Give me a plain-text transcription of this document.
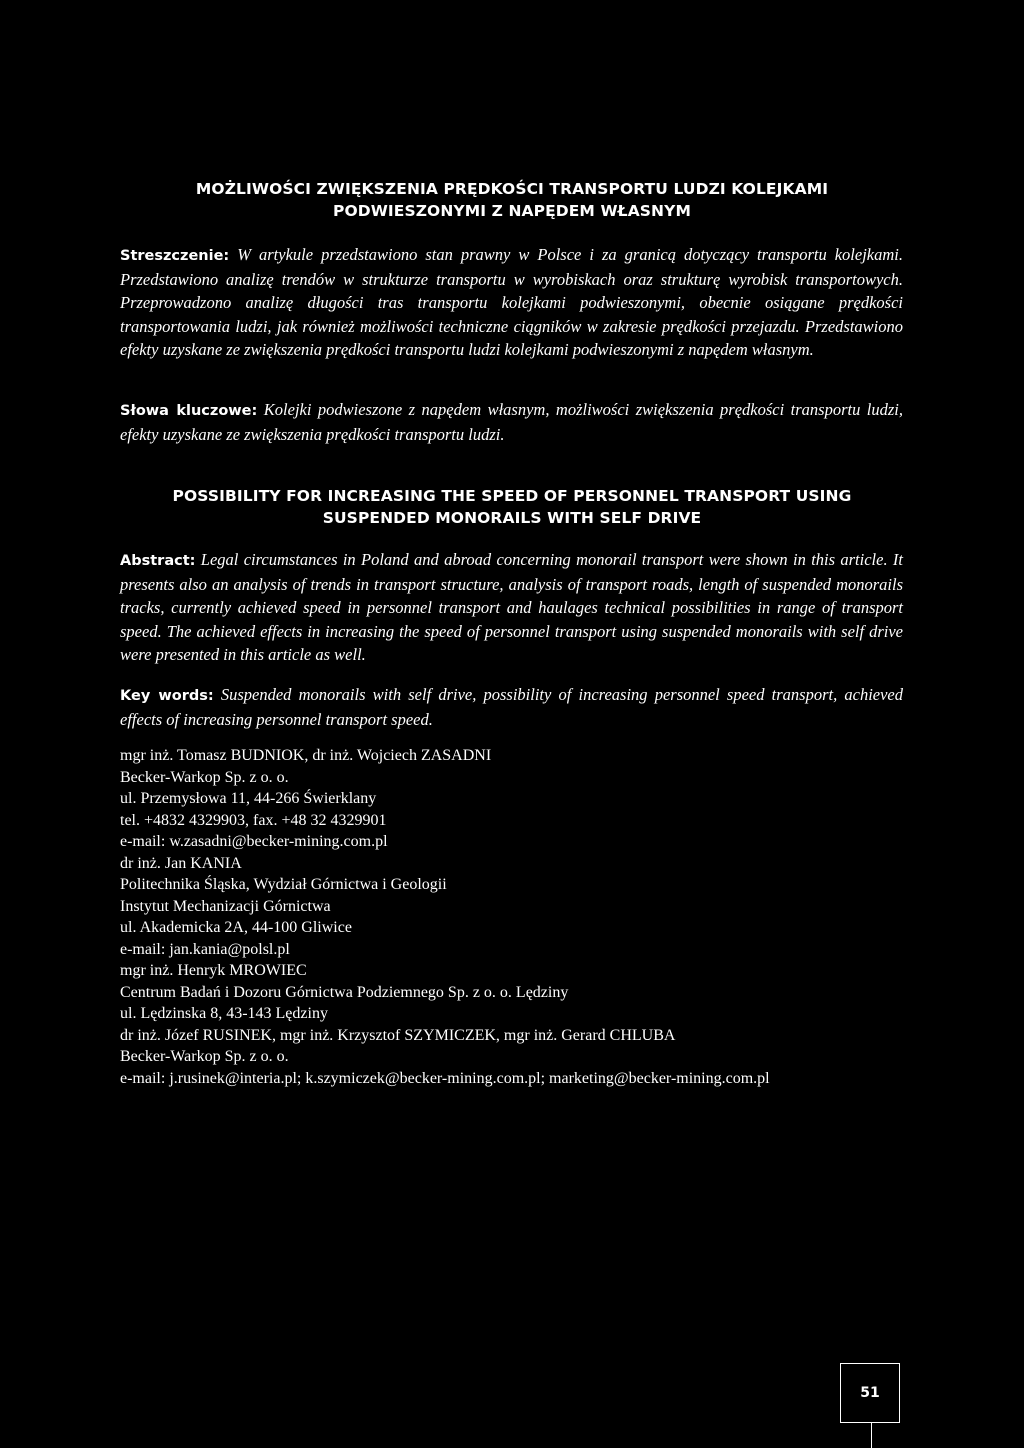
MOŻLIWOŚCI ZWIĘKSZENIA PRĘDKOŚCI TRANSPORTU LUDZI KOLEJKAMI
PODWIESZONYMI Z NAPĘDEM WŁASNYM
Streszczenie: W artykule przedstawiono stan prawny w Polsce i za granicą dotyczący transportu kolejkami. Przedstawiono analizę trendów w strukturze transportu w wyrobiskach oraz strukturę wyrobisk transportowych. Przeprowadzono analizę długości tras transportu kolejkami podwieszonymi, obecnie osiągane prędkości transportowania ludzi, jak również możliwości techniczne ciągników w zakresie prędkości przejazdu. Przedstawiono efekty uzyskane ze zwiększenia prędkości transportu ludzi kolejkami podwieszonymi z napędem własnym.
Słowa kluczowe: Kolejki podwieszone z napędem własnym, możliwości zwiększenia prędkości transportu ludzi, efekty uzyskane ze zwiększenia prędkości transportu ludzi.
POSSIBILITY FOR INCREASING THE SPEED OF PERSONNEL TRANSPORT USING
SUSPENDED MONORAILS WITH SELF DRIVE
Abstract: Legal circumstances in Poland and abroad concerning monorail transport were shown in this article. It presents also an analysis of trends in transport structure, analysis of transport roads, length of suspended monorails tracks, currently achieved speed in personnel transport and haulages technical possibilities in range of transport speed. The achieved effects in increasing the speed of personnel transport using suspended monorails with self drive were presented in this article as well.
Key words: Suspended monorails with self drive, possibility of increasing personnel speed transport, achieved effects of increasing personnel transport speed.
mgr inż. Tomasz BUDNIOK, dr inż. Wojciech ZASADNI
Becker-Warkop Sp. z o. o.
ul. Przemysłowa 11, 44-266 Świerklany
tel. +4832 4329903, fax. +48 32 4329901
e-mail: w.zasadni@becker-mining.com.pl
dr inż. Jan KANIA
Politechnika Śląska, Wydział Górnictwa i Geologii
Instytut Mechanizacji Górnictwa
ul. Akademicka 2A, 44-100 Gliwice
e-mail: jan.kania@polsl.pl
mgr inż. Henryk MROWIEC
Centrum Badań i Dozoru Górnictwa Podziemnego Sp. z o. o. Lędziny
ul. Lędzinska 8, 43-143 Lędziny
dr inż. Józef RUSINEK, mgr inż. Krzysztof SZYMICZEK, mgr inż. Gerard CHLUBA
Becker-Warkop Sp. z o. o.
e-mail: j.rusinek@interia.pl; k.szymiczek@becker-mining.com.pl; marketing@becker-mining.com.pl
51
